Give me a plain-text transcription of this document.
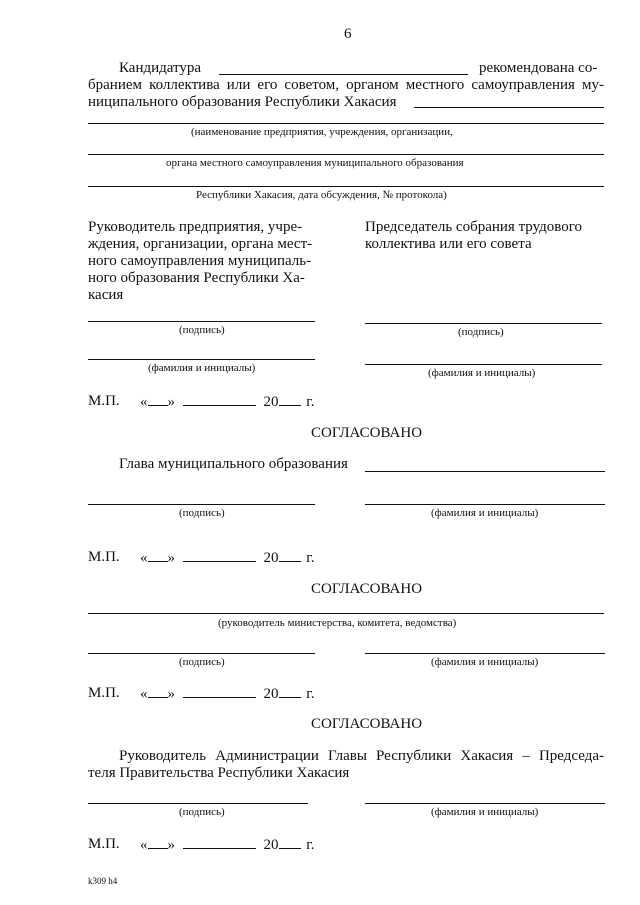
6
Кандидатура	рекомендована со-
бранием коллектива или его советом, органом местного самоуправления му-
ниципального образования Республики Хакасия
(наименование предприятия, учреждения, организации,
органа местного самоуправления муниципального образования
Республики Хакасия, дата обсуждения, № протокола)
Руководитель предприятия, учре-
ждения, организации, органа мест-
ного самоуправления муниципаль-
ного образования Республики Ха-
касия
Председатель собрания трудового
коллектива или его совета
(подпись)	(подпись)
(фамилия и инициалы)	(фамилия и инициалы)
М.П. « »	20 г.
СОГЛАСОВАНО
Глава муниципального образования
(подпись)	(фамилия и инициалы)
М.П. « »	20 г.
СОГЛАСОВАНО
(руководитель министерства, комитета, ведомства)
(подпись)	(фамилия и инициалы)
М.П. « »	20 г.
СОГЛАСОВАНО
Руководитель Администрации Главы Республики Хакасия – Председа-
теля Правительства Республики Хакасия
(подпись)	(фамилия и инициалы)
М.П. « »	20 г.
k309 h4
